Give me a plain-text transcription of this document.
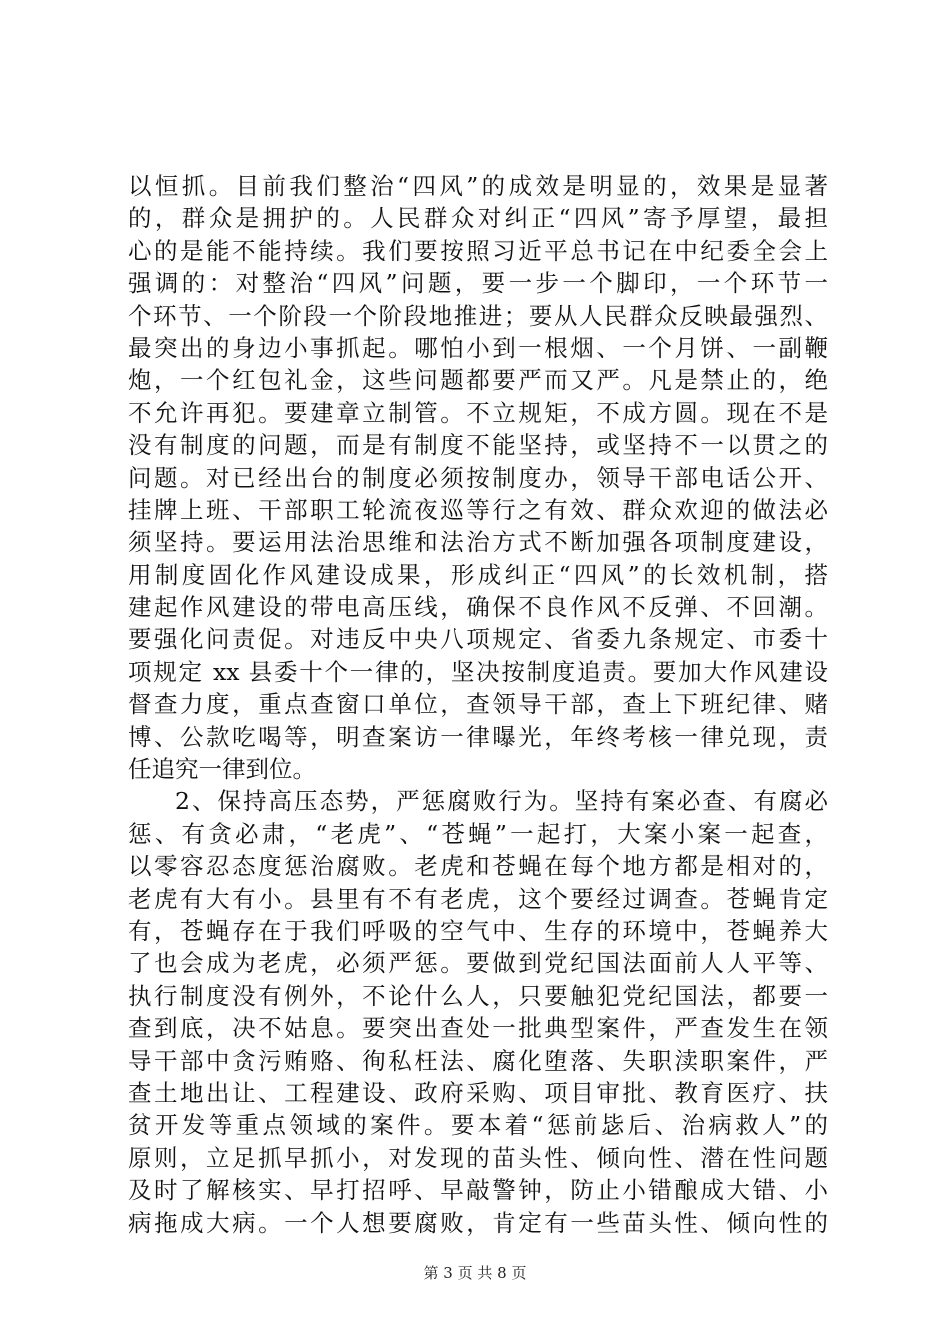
以恒抓。目前我们整治“四风”的成效是明显的，效果是显著
的，群众是拥护的。人民群众对纠正“四风”寄予厚望，最担
心的是能不能持续。我们要按照习近平总书记在中纪委全会上
强调的：对整治“四风”问题，要一步一个脚印，一个环节一
个环节、一个阶段一个阶段地推进；要从人民群众反映最强烈、
最突出的身边小事抓起。哪怕小到一根烟、一个月饼、一副鞭
炮，一个红包礼金，这些问题都要严而又严。凡是禁止的，绝
不允许再犯。要建章立制管。不立规矩，不成方圆。现在不是
没有制度的问题，而是有制度不能坚持，或坚持不一以贯之的
问题。对已经出台的制度必须按制度办，领导干部电话公开、
挂牌上班、干部职工轮流夜巡等行之有效、群众欢迎的做法必
须坚持。要运用法治思维和法治方式不断加强各项制度建设，
用制度固化作风建设成果，形成纠正“四风”的长效机制，搭
建起作风建设的带电高压线，确保不良作风不反弹、不回潮。
要强化问责促。对违反中央八项规定、省委九条规定、市委十
项规定 xx 县委十个一律的，坚决按制度追责。要加大作风建设
督查力度，重点查窗口单位，查领导干部，查上下班纪律、赌
博、公款吃喝等，明查案访一律曝光，年终考核一律兑现，责
任追究一律到位。
2、保持高压态势，严惩腐败行为。坚持有案必查、有腐必
惩、有贪必肃，“老虎”、“苍蝇”一起打，大案小案一起查，
以零容忍态度惩治腐败。老虎和苍蝇在每个地方都是相对的，
老虎有大有小。县里有不有老虎，这个要经过调查。苍蝇肯定
有，苍蝇存在于我们呼吸的空气中、生存的环境中，苍蝇养大
了也会成为老虎，必须严惩。要做到党纪国法面前人人平等、
执行制度没有例外，不论什么人，只要触犯党纪国法，都要一
查到底，决不姑息。要突出查处一批典型案件，严查发生在领
导干部中贪污贿赂、徇私枉法、腐化堕落、失职渎职案件，严
查土地出让、工程建设、政府采购、项目审批、教育医疗、扶
贫开发等重点领域的案件。要本着“惩前毖后、治病救人”的
原则，立足抓早抓小，对发现的苗头性、倾向性、潜在性问题
及时了解核实、早打招呼、早敲警钟，防止小错酿成大错、小
病拖成大病。一个人想要腐败，肯定有一些苗头性、倾向性的
第 3 页 共 8 页
